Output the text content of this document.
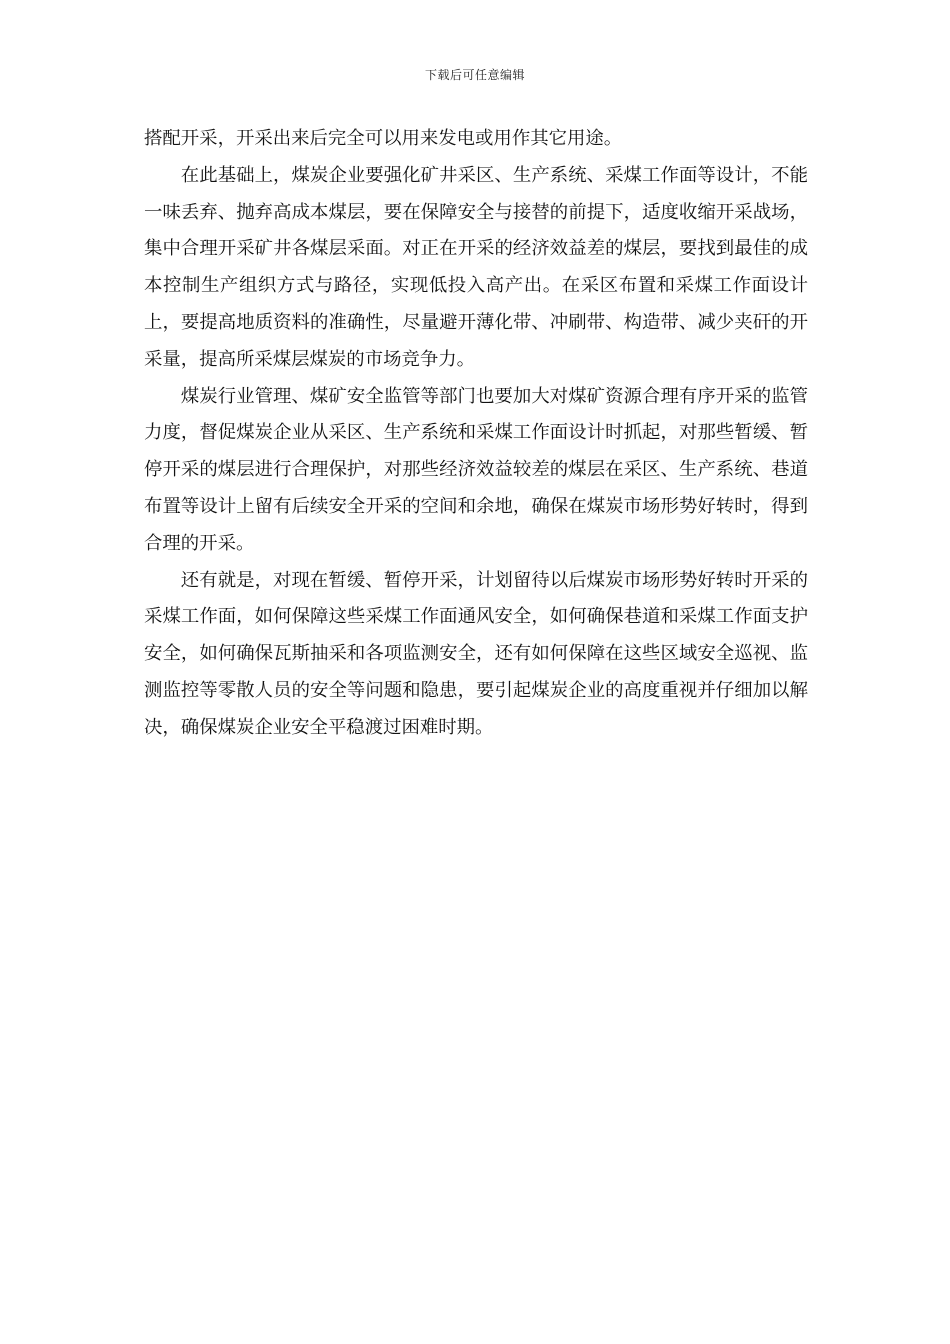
下载后可任意编辑

搭配开采，开采出来后完全可以用来发电或用作其它用途。

在此基础上，煤炭企业要强化矿井采区、生产系统、采煤工作面等设计，不能一味丢弃、抛弃高成本煤层，要在保障安全与接替的前提下，适度收缩开采战场，集中合理开采矿井各煤层采面。对正在开采的经济效益差的煤层，要找到最佳的成本控制生产组织方式与路径，实现低投入高产出。在采区布置和采煤工作面设计上，要提高地质资料的准确性，尽量避开薄化带、冲刷带、构造带、减少夹矸的开采量，提高所采煤层煤炭的市场竞争力。

煤炭行业管理、煤矿安全监管等部门也要加大对煤矿资源合理有序开采的监管力度，督促煤炭企业从采区、生产系统和采煤工作面设计时抓起，对那些暂缓、暂停开采的煤层进行合理保护，对那些经济效益较差的煤层在采区、生产系统、巷道布置等设计上留有后续安全开采的空间和余地，确保在煤炭市场形势好转时，得到合理的开采。

还有就是，对现在暂缓、暂停开采，计划留待以后煤炭市场形势好转时开采的采煤工作面，如何保障这些采煤工作面通风安全，如何确保巷道和采煤工作面支护安全，如何确保瓦斯抽采和各项监测安全，还有如何保障在这些区域安全巡视、监测监控等零散人员的安全等问题和隐患，要引起煤炭企业的高度重视并仔细加以解决，确保煤炭企业安全平稳渡过困难时期。
